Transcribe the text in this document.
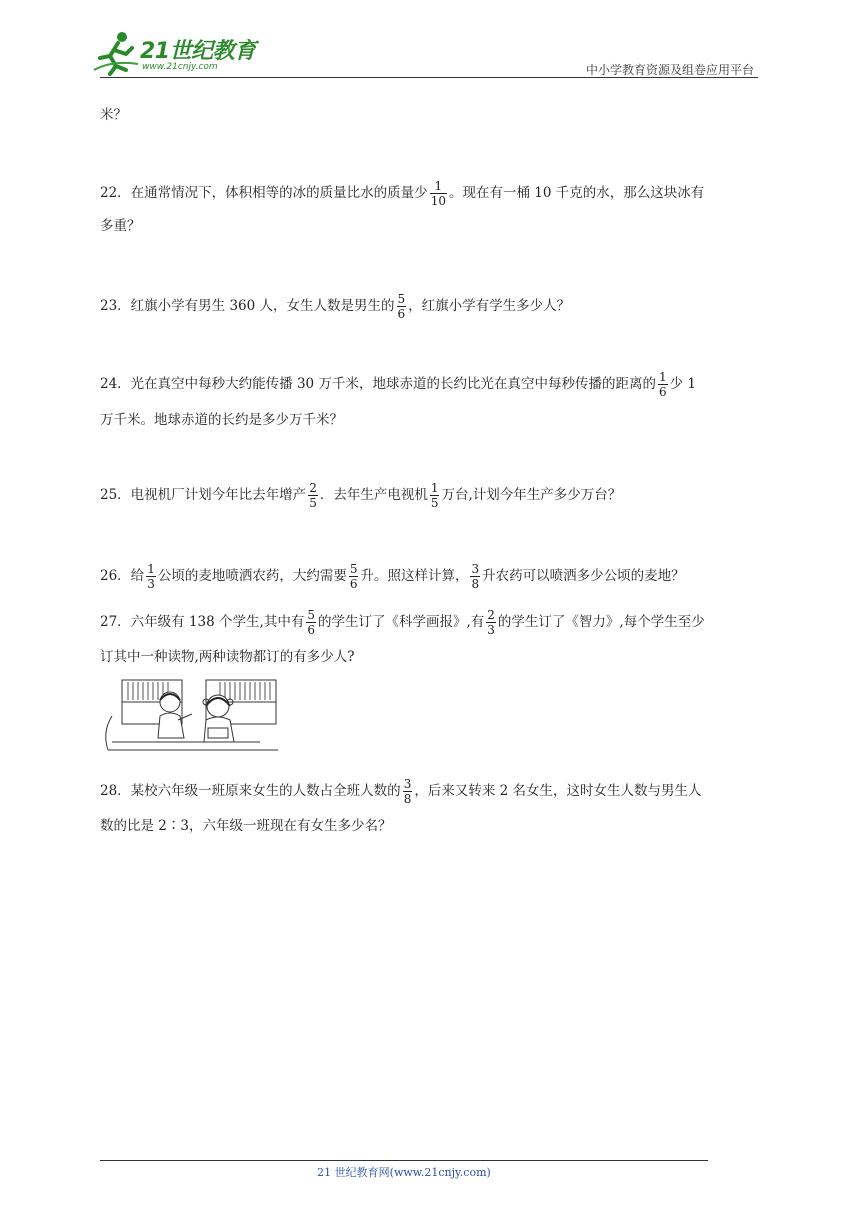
21世纪教育
www.21cnjy.com	中小学教育资源及组卷应用平台
米？
22．在通常情况下，体积相等的冰的质量比水的质量少 $\frac{1}{10}$ 。现在有一桶 10 千克的水，那么这块冰有
多重？
23．红旗小学有男生 360 人，女生人数是男生的 $\frac{5}{6}$ ，红旗小学有学生多少人？
24．光在真空中每秒大约能传播 30 万千米，地球赤道的长约比光在真空中每秒传播的距离的 $\frac{1}{6}$ 少 1
万千米。地球赤道的长约是多少万千米？
25．电视机厂计划今年比去年增产 $\frac{2}{5}$ ．去年生产电视机 $\frac{1}{5}$ 万台,计划今年生产多少万台？
26．给 $\frac{1}{3}$ 公顷的麦地喷洒农药，大约需要 $\frac{5}{6}$ 升。照这样计算， $\frac{3}{8}$ 升农药可以喷洒多少公顷的麦地？
27．六年级有 138 个学生,其中有 $\frac{5}{6}$ 的学生订了《科学画报》,有 $\frac{2}{3}$ 的学生订了《智力》,每个学生至少
订其中一种读物,两种读物都订的有多少人?
28．某校六年级一班原来女生的人数占全班人数的 $\frac{3}{8}$ ，后来又转来 2 名女生，这时女生人数与男生人
数的比是 2∶3，六年级一班现在有女生多少名？
21 世纪教育网(www.21cnjy.com)
